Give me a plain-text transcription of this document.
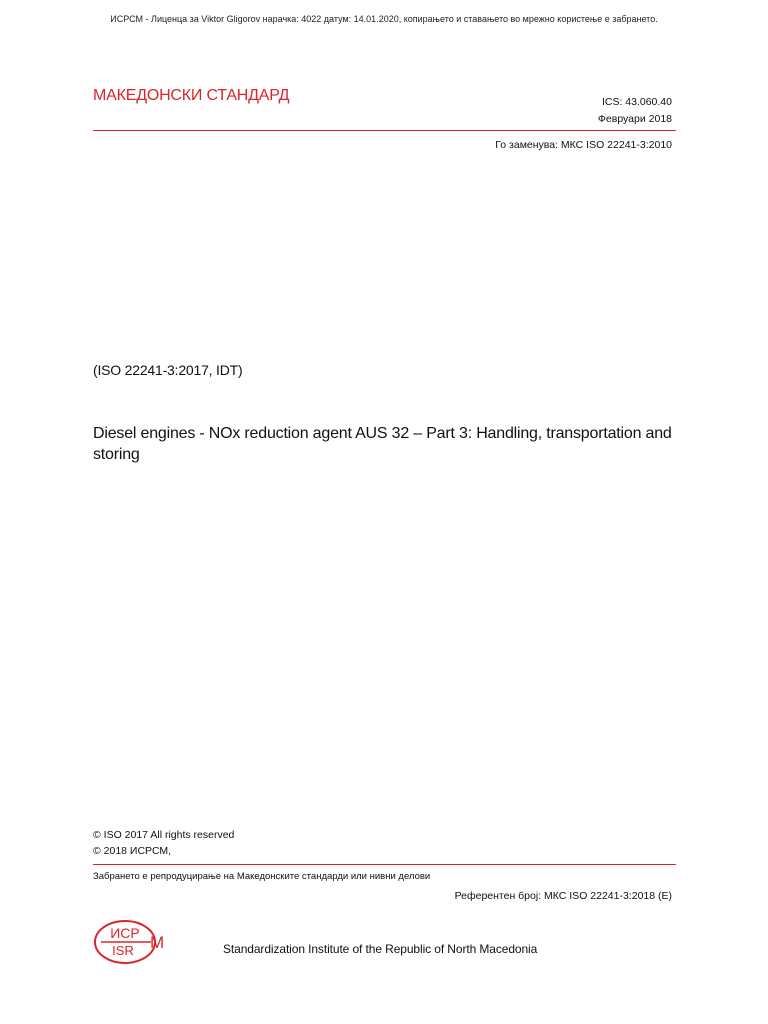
ИСРСМ - Лиценца за Viktor Gligorov нарачка: 4022 датум: 14.01.2020, копирањето и ставањето во мрежно користење е забрането.
МАКЕДОНСКИ СТАНДАРД	ICS: 43.060.40
Февруари 2018
Го заменува: МКС ISO 22241-3:2010
(ISO 22241-3:2017, IDT)
Diesel engines - NOx reduction agent AUS 32 – Part 3: Handling, transportation and
storing
© ISO 2017 All rights reserved
© 2018 ИСРСМ,
Забрането е репродуцирање на Македонските стандарди или нивни делови
Референтен број: МКС ISO 22241-3:2018 (E)
ИСР
ISR M	Standardization Institute of the Republic of North Macedonia
